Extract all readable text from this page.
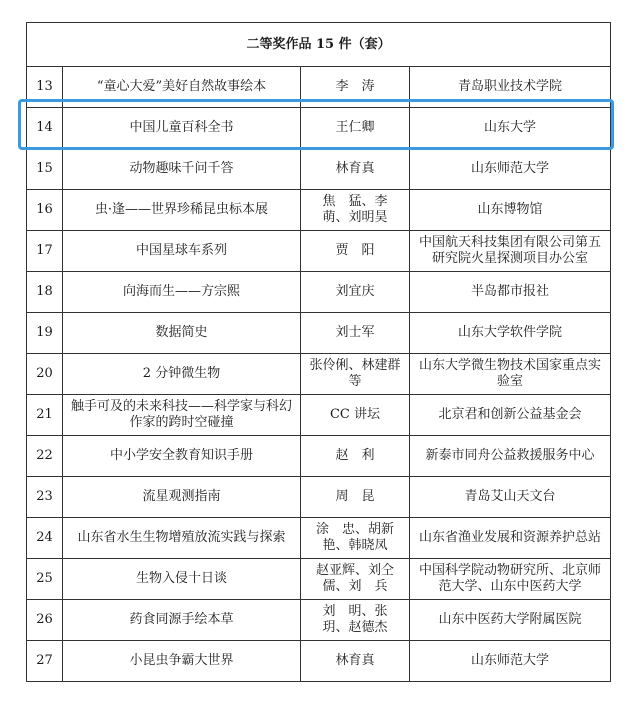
二等奖作品 15 件（套）			
13	“童心大爱”美好自然故事绘本	李　涛	青岛职业技术学院
14	中国儿童百科全书	王仁卿	山东大学
15	动物趣味千问千答	林育真	山东师范大学
16	虫·逢——世界珍稀昆虫标本展	焦　猛、李　萌、刘明昊	山东博物馆
17	中国星球车系列	贾　阳	中国航天科技集团有限公司第五研究院火星探测项目办公室
18	向海而生——方宗熙	刘宜庆	半岛都市报社
19	数据简史	刘士军	山东大学软件学院
20	2 分钟微生物	张伶俐、林建群等	山东大学微生物技术国家重点实验室
21	触手可及的未来科技——科学家与科幻作家的跨时空碰撞	CC 讲坛	北京君和创新公益基金会
22	中小学安全教育知识手册	赵　利	新泰市同舟公益救援服务中心
23	流星观测指南	周　昆	青岛艾山天文台
24	山东省水生生物增殖放流实践与探索	涂　忠、胡新艳、韩晓凤	山东省渔业发展和资源养护总站
25	生物入侵十日谈	赵亚辉、刘仝儒、刘　兵	中国科学院动物研究所、北京师范大学、山东中医药大学
26	药食同源手绘本草	刘　明、张　玥、赵德杰	山东中医药大学附属医院
27	小昆虫争霸大世界	林育真	山东师范大学
